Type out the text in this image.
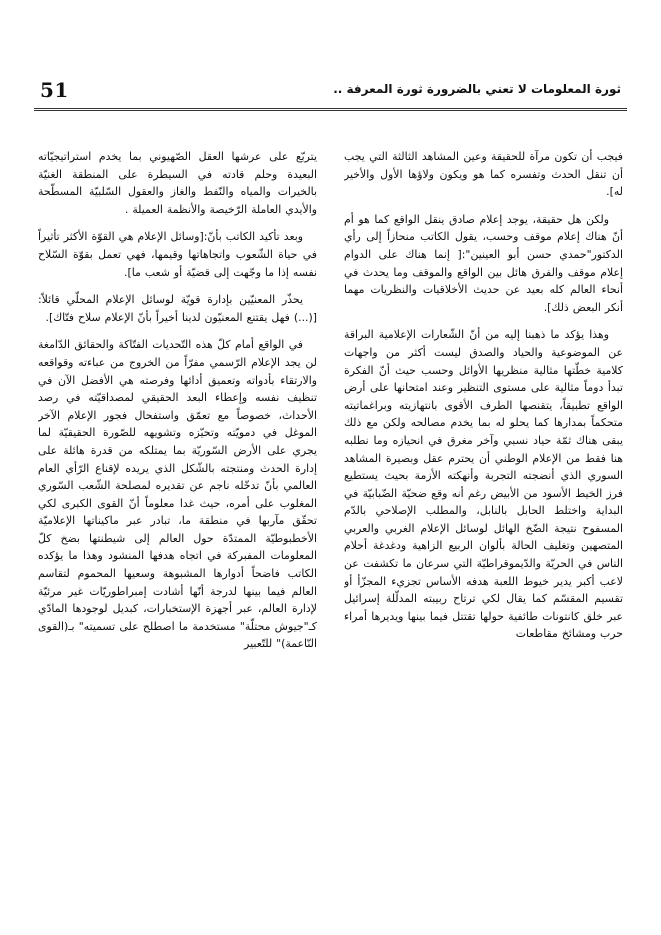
51	ثورة المعلومات لا تعني بالضرورة ثورة المعرفة ..

فيجب أن تكون مرآة للحقيقة وعين المشاهد الثالثة التي يجب أن تنقل الحدث وتفسره كما هو ويكون ولاؤها الأول والأخير له].

ولكن هل حقيقة، يوجد إعلام صادق ينقل الواقع كما هو أم أنّ هناك إعلام موقف وحسب، يقول الكاتب منحازاً إلى رأي الدكتور"حمدي حسن أبو العينين":[ إنما هناك على الدوام إعلام موقف والفرق هائل بين الواقع والموقف وما يحدث في أنحاء العالم كله بعيد عن حديث الأخلاقيات والنظريات مهما أنكر البعض ذلك].

وهذا يؤكد ما ذهبنا إليه من أنّ الشّعارات الإعلامية البراقة عن الموضوعية والحياد والصدق ليست أكثر من واجهات كلامية خطّتها مثالية منظريها الأوائل وحسب حيث أنّ الفكرة تبدأ دوماً مثالية على مستوى التنظير وعند امتحانها على أرض الواقع تطبيقاً، يتقنصها الطرف الأقوى بانتهازيته وبراغماتيته متحكماً بمدارها كما يحلو له بما يخدم مصالحه ولكن مع ذلك يبقى هناك ثمّة حياد نسبي وآخر مغرق في انحيازه وما نطلبه هنا فقط من الإعلام الوطني أن يحترم عقل وبصيرة المشاهد السوري الذي أنضجته التجربة وأنهكته الأزمة بحيث يستطيع فرز الخيط الأسود من الأبيض رغم أنه وقع ضحيّة الضّبابيّة في البداية واختلط الحابل بالنابل، والمطلب الإصلاحي بالدّم المسفوح نتيجة الضّخ الهائل لوسائل الإعلام الغربي والعربي المتصهين وتغليف الحالة بألوان الربيع الزاهية ودغدغة أحلام الناس في الحريّة والدّيموقراطيّة التي سرعان ما تكشفت عن لاعب أكبر يدير خيوط اللعبة هدفه الأساس تجزيء المجزّأ أو تقسيم المقسّم كما يقال لكي ترتاح ربيبته المدلّلة إسرائيل عبر خلق كانتونات طائفية حولها تقتتل فيما بينها ويديرها أمراء حرب ومشائخ مقاطعات

يتربّع على عرشها العقل الصّهيوني بما يخدم استراتيجيّاته البعيدة وحلم قادته في السيطرة على المنطقة الغنيّة بالخيرات والمياه والنّفط والغاز والعقول السّلبيّة المسطّحة والأيدي العاملة الرّخيصة والأنظمة العميلة .

وبعد تأكيد الكاتب بأنّ:[وسائل الإعلام هي القوّة الأكثر تأثيراً في حياة الشّعوب واتجاهاتها وقيمها، فهي تعمل بقوّة السّلاح نفسه إذا ما وجّهت إلى قضيّة أو شعب ما].

يحذّر المعنيّين بإدارة قويّة لوسائل الإعلام المحلّي قائلاً: [(...) فهل يقتنع المعنيّون لدينا أخيراً بأنّ الإعلام سلاح فتّاك].

في الواقع أمام كلّ هذه التّحديات الفتّاكة والحقائق الدّامغة لن يجد الإعلام الرّسمي مفرّاً من الخروج من عباءته وقواقعه والارتقاء بأدواته وتعميق أدائها وفرصته هي الأفضل الآن في تنظيف نفسه وإعطاء البعد الحقيقي لمصداقيّته في رصد الأحداث، خصوصاً مع تعمّق واستفحال فجور الإعلام الآخر الموغل في دمويّته وتحيّزه وتشويهه للصّورة الحقيقيّة لما يجري على الأرض السّوريّة بما يمتلكه من قدرة هائلة على إدارة الحدث ومنتجته بالشّكل الذي يريده لإقناع الرّأي العام العالمي بأنّ تدخّله ناجم عن تقديره لمصلحة الشّعب السّوري المغلوب على أمره، حيث غدا معلوماً أنّ القوى الكبرى لكي تحقّق مآربها في منطقة ما، تبادر عبر ماكيناتها الإعلاميّة الأخطبوطيّة الممتدّة حول العالم إلى شيطنتها بضخ كلّ المعلومات المفبركة في اتجاه هدفها المنشود وهذا ما يؤكده الكاتب فاضحاً أدوارها المشبوهة وسعيها المحموم لتقاسم العالم فيما بينها لدرجة أنّها أشادت إمبراطوريّات غير مرئيّة لإدارة العالم، عبر أجهزة الإستخبارات، كبديل لوجودها المادّي كـ"جيوش محتلّة" مستخدمة ما اصطلح على تسميته" بـ(القوى النّاعمة)" للتّعبير
